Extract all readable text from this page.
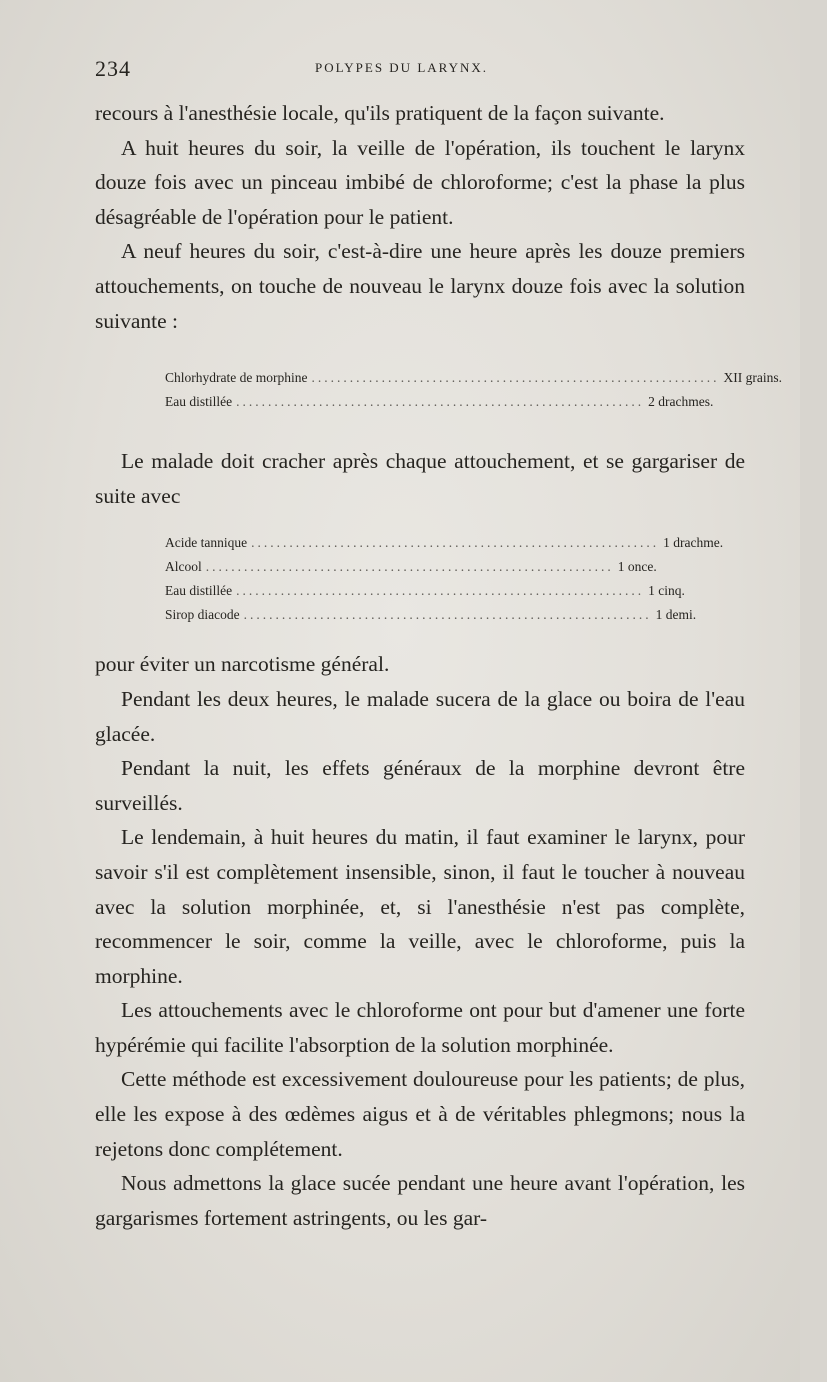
234	POLYPES DU LARYNX.

recours à l'anesthésie locale, qu'ils pratiquent de la façon suivante.

A huit heures du soir, la veille de l'opération, ils touchent le larynx douze fois avec un pinceau imbibé de chloroforme; c'est la phase la plus désagréable de l'opération pour le patient.

A neuf heures du soir, c'est-à-dire une heure après les douze premiers attouchements, on touche de nouveau le larynx douze fois avec la solution suivante :

Chlorhydrate de morphine ................................................................ XII grains.
Eau distillée ................................................................ 2 drachmes.

Le malade doit cracher après chaque attouchement, et se gargariser de suite avec

Acide tannique ................................................................ 1 drachme.
Alcool ................................................................ 1 once.
Eau distillée ................................................................ 1 cinq.
Sirop diacode ................................................................ 1 demi.

pour éviter un narcotisme général.

Pendant les deux heures, le malade sucera de la glace ou boira de l'eau glacée.

Pendant la nuit, les effets généraux de la morphine devront être surveillés.

Le lendemain, à huit heures du matin, il faut examiner le larynx, pour savoir s'il est complètement insensible, sinon, il faut le toucher à nouveau avec la solution morphinée, et, si l'anesthésie n'est pas complète, recommencer le soir, comme la veille, avec le chloroforme, puis la morphine.

Les attouchements avec le chloroforme ont pour but d'amener une forte hypérémie qui facilite l'absorption de la solution morphinée.

Cette méthode est excessivement douloureuse pour les patients; de plus, elle les expose à des œdèmes aigus et à de véritables phlegmons; nous la rejetons donc complétement.

Nous admettons la glace sucée pendant une heure avant l'opération, les gargarismes fortement astringents, ou les gar-
